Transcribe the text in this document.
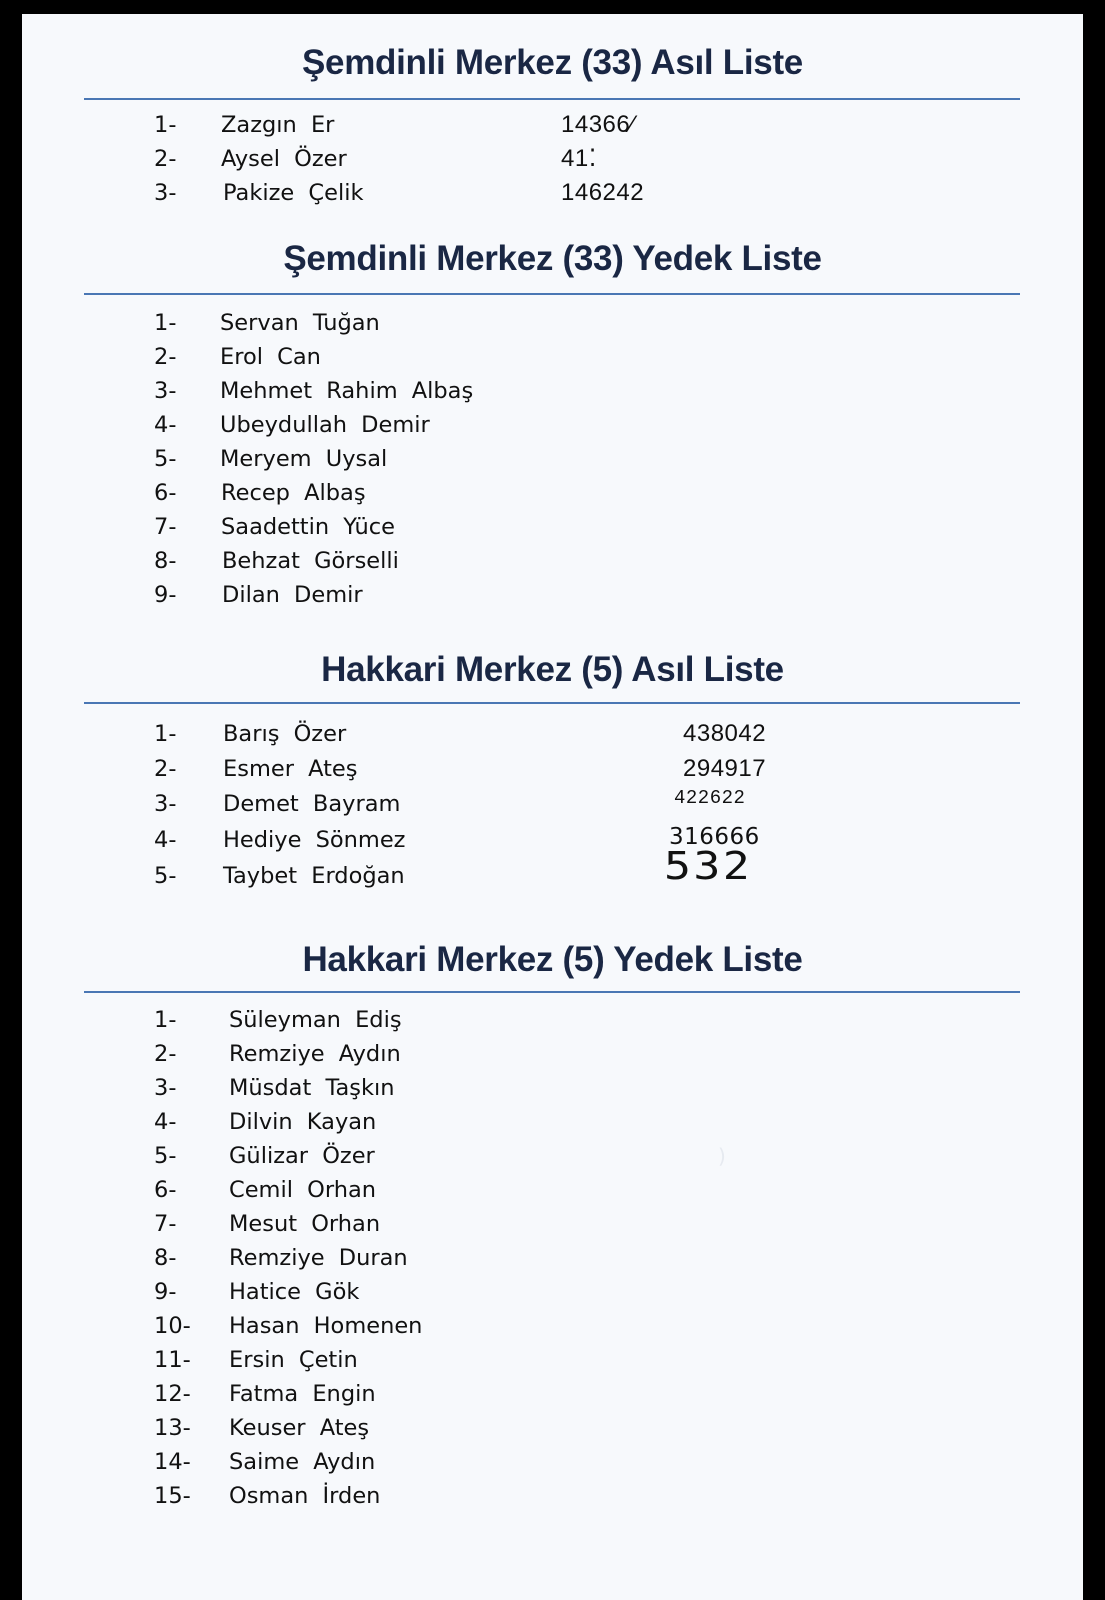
Şemdinli Merkez (33) Asıl Liste
1- Zazgın Er	14366⁄
2- Aysel Özer	41⁚
3- Pakize Çelik	146242
Şemdinli Merkez (33) Yedek Liste
1- Servan Tuğan
2- Erol Can
3- Mehmet Rahim Albaş
4- Ubeydullah Demir
5- Meryem Uysal
6- Recep Albaş
7- Saadettin Yüce
8- Behzat Görselli
9- Dilan Demir
Hakkari Merkez (5) Asıl Liste
1- Barış Özer	438042
2- Esmer Ateş	294917
3- Demet Bayram	422622
4- Hediye Sönmez	316666
5- Taybet Erdoğan	532
Hakkari Merkez (5) Yedek Liste
1- Süleyman Ediş
2- Remziye Aydın
3- Müsdat Taşkın
4- Dilvin Kayan
5- Gülizar Özer	)
6- Cemil Orhan
7- Mesut Orhan
8- Remziye Duran
9- Hatice Gök
10- Hasan Homenen
11- Ersin Çetin
12- Fatma Engin
13- Keuser Ateş
14- Saime Aydın
15- Osman İrden
